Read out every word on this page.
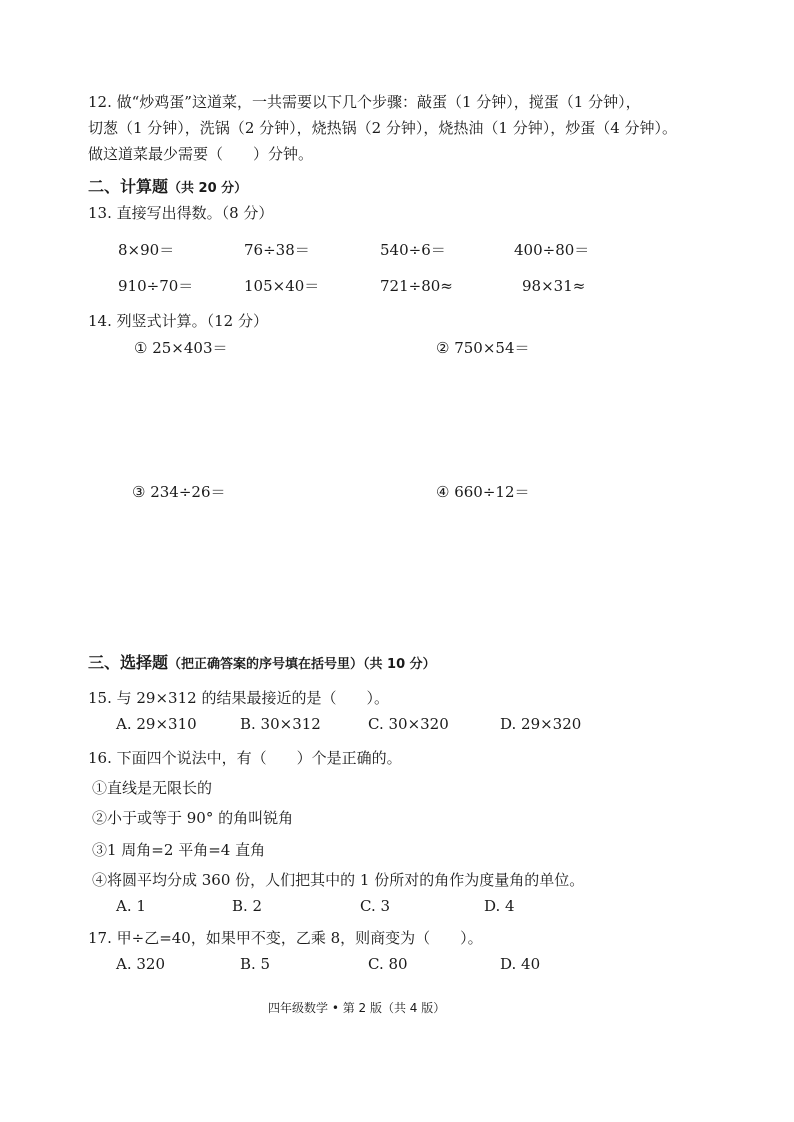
12. 做“炒鸡蛋”这道菜，一共需要以下几个步骤：敲蛋（1 分钟），搅蛋（1 分钟），
切葱（1 分钟），洗锅（2 分钟），烧热锅（2 分钟），烧热油（1 分钟），炒蛋（4 分钟）。
做这道菜最少需要（　　）分钟。
二、计算题（共 20 分）
13. 直接写出得数。（8 分）
8×90＝	76÷38＝	540÷6＝	400÷80＝
910÷70＝	105×40＝	721÷80≈	98×31≈
14. 列竖式计算。（12 分）
① 25×403＝	② 750×54＝
③ 234÷26＝	④ 660÷12＝
三、选择题（把正确答案的序号填在括号里）（共 10 分）
15. 与 29×312 的结果最接近的是（　　）。
A. 29×310	B. 30×312	C. 30×320	D. 29×320
16. 下面四个说法中，有（　　）个是正确的。
①直线是无限长的
②小于或等于 90° 的角叫锐角
③1 周角=2 平角=4 直角
④将圆平均分成 360 份，人们把其中的 1 份所对的角作为度量角的单位。
A. 1	B. 2	C. 3	D. 4
17. 甲÷乙=40，如果甲不变，乙乘 8，则商变为（　　）。
A. 320	B. 5	C. 80	D. 40
四年级数学 • 第 2 版（共 4 版）
